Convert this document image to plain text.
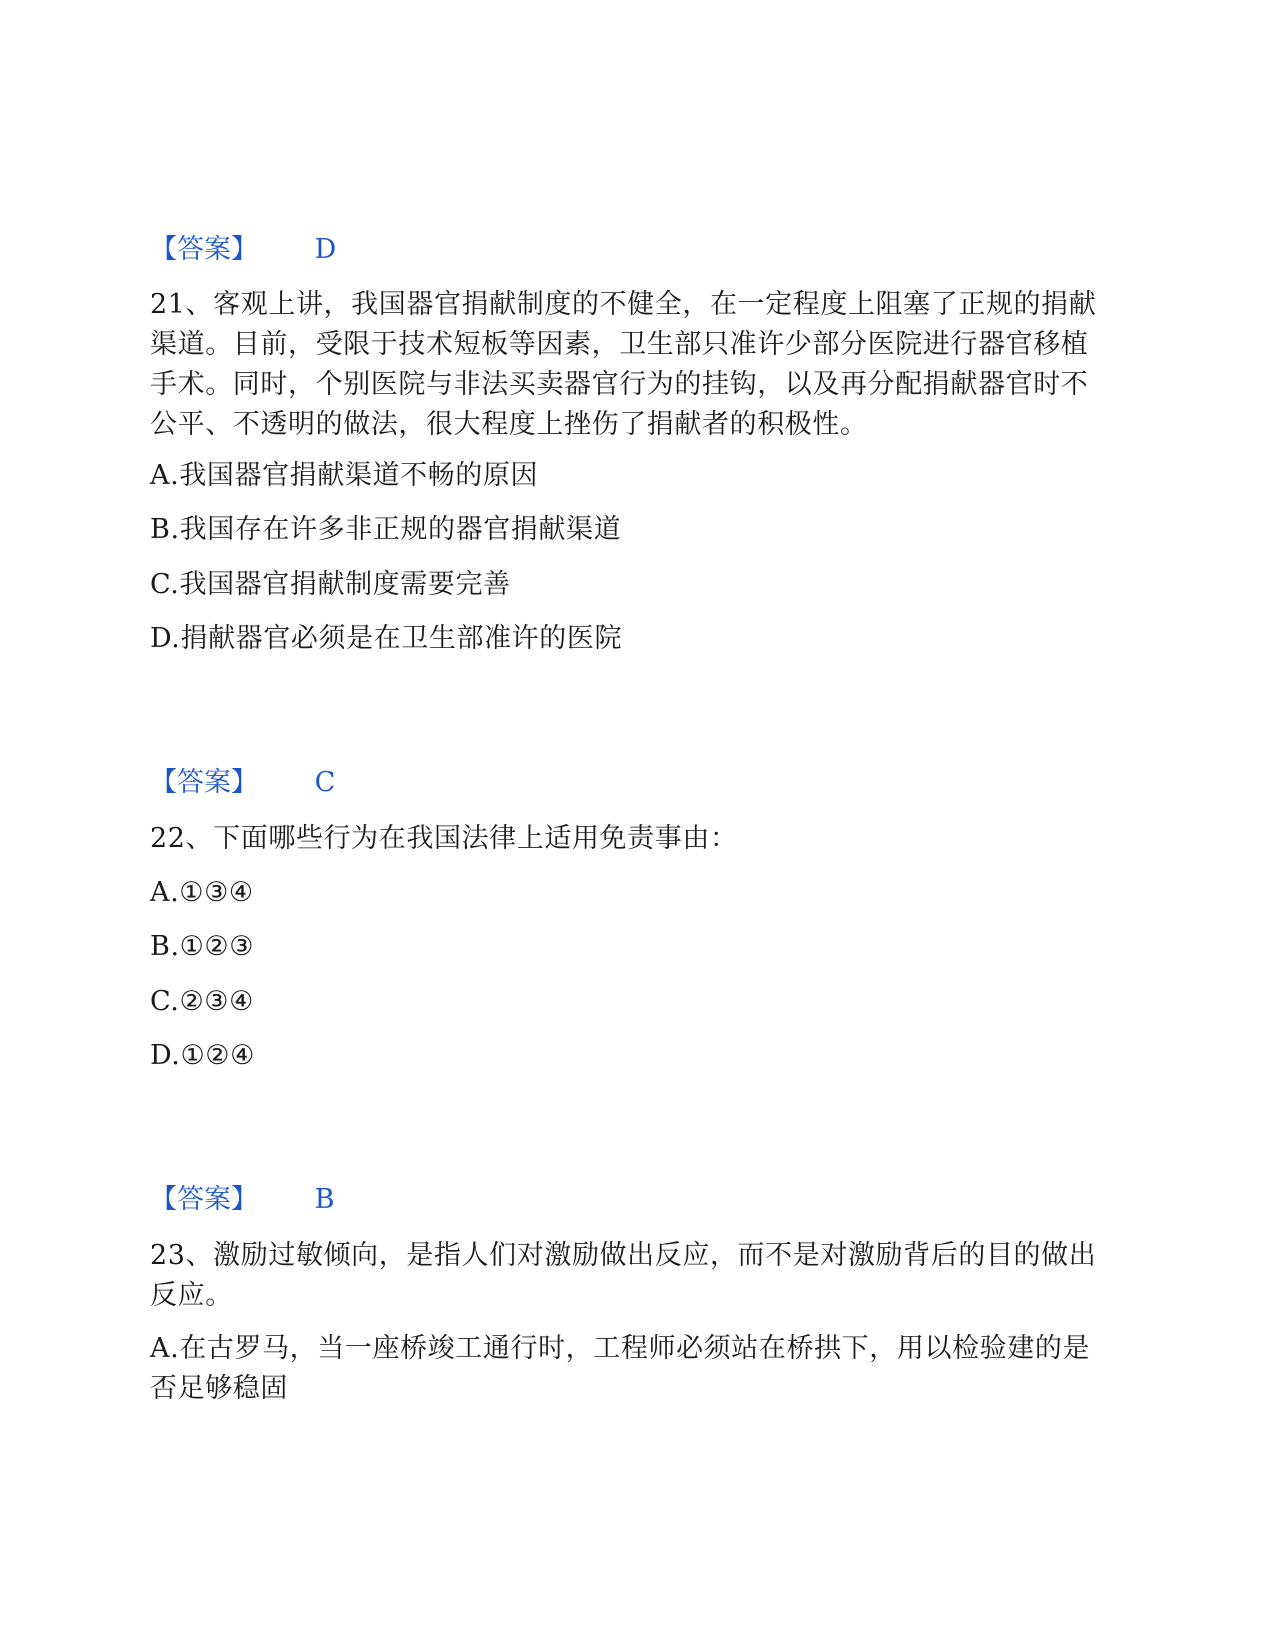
【答案】 D
21、客观上讲，我国器官捐献制度的不健全，在一定程度上阻塞了正规的捐献渠道。目前，受限于技术短板等因素，卫生部只准许少部分医院进行器官移植手术。同时，个别医院与非法买卖器官行为的挂钩，以及再分配捐献器官时不公平、不透明的做法，很大程度上挫伤了捐献者的积极性。
A.我国器官捐献渠道不畅的原因
B.我国存在许多非正规的器官捐献渠道
C.我国器官捐献制度需要完善
D.捐献器官必须是在卫生部准许的医院
【答案】 C
22、下面哪些行为在我国法律上适用免责事由：
A.①③④
B.①②③
C.②③④
D.①②④
【答案】 B
23、激励过敏倾向，是指人们对激励做出反应，而不是对激励背后的目的做出反应。
A.在古罗马，当一座桥竣工通行时，工程师必须站在桥拱下，用以检验建的是否足够稳固
